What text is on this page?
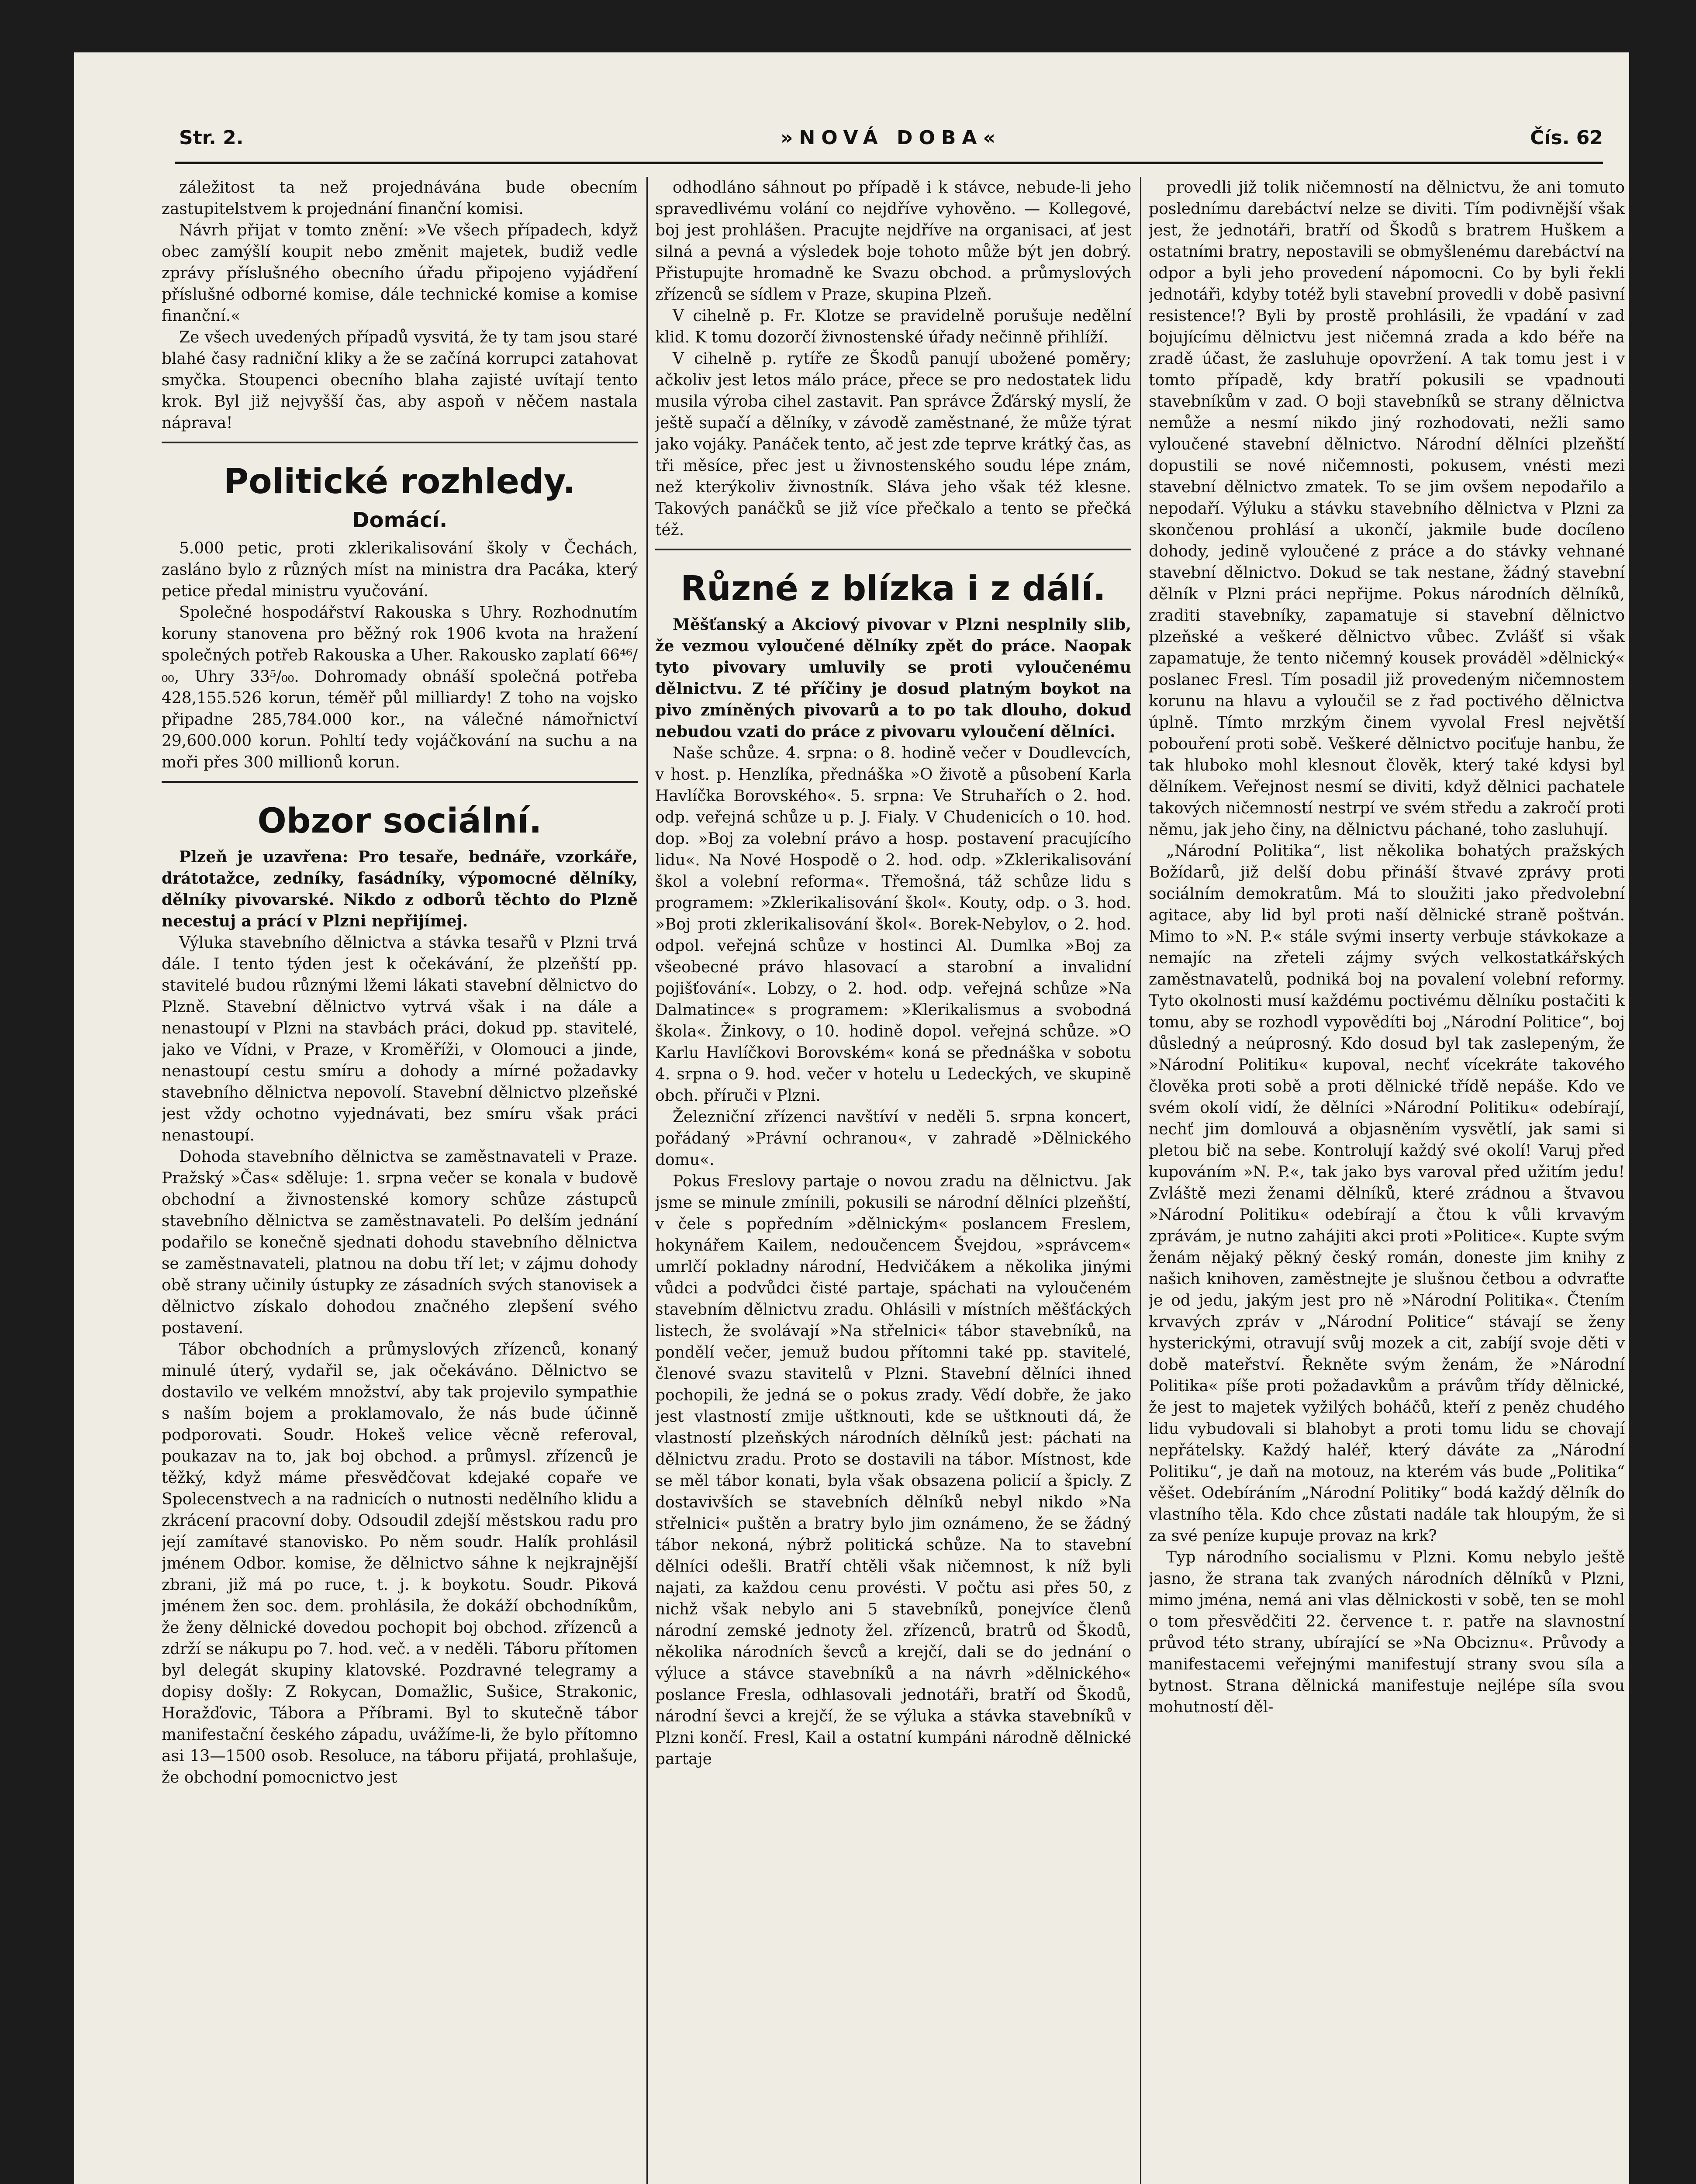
Str. 2.	»NOVÁ DOBA«	Čís. 62

záležitost ta než projednávána bude obecním zastupitelstvem k projednání finanční komisi.

Návrh přijat v tomto znění: »Ve všech případech, když obec zamýšlí koupit nebo změnit majetek, budiž vedle zprávy příslušného obecního úřadu připojeno vyjádření příslušné odborné komise, dále technické komise a komise finanční.«

Ze všech uvedených případů vysvitá, že ty tam jsou staré blahé časy radniční kliky a že se začíná korrupci zatahovat smyčka. Stoupenci obecního blaha zajisté uvítají tento krok. Byl již nejvyšší čas, aby aspoň v něčem nastala náprava!

Politické rozhledy.
Domácí.

5.000 petic, proti zklerikalisování školy v Čechách, zasláno bylo z různých míst na ministra dra Pacáka, který petice předal ministru vyučování.

Společné hospodářství Rakouska s Uhry. Rozhodnutím koruny stanovena pro běžný rok 1906 kvota na hražení společných potřeb Rakouska a Uher. Rakousko zaplatí 66⁴⁶/₀₀, Uhry 33⁵/₀₀. Dohromady obnáší společná potřeba 428,155.526 korun, téměř půl milliardy! Z toho na vojsko připadne 285,784.000 kor., na válečné námořnictví 29,600.000 korun. Pohltí tedy vojáčkování na suchu a na moři přes 300 millionů korun.

Obzor sociální.

Plzeň je uzavřena: Pro tesaře, bednáře, vzorkáře, drátotažce, zedníky, fasádníky, výpomocné dělníky, dělníky pivovarské. Nikdo z odborů těchto do Plzně necestuj a prácí v Plzni nepřijímej.

Výluka stavebního dělnictva a stávka tesařů v Plzni trvá dále. I tento týden jest k očekávání, že plzeňští pp. stavitelé budou různými lžemi lákati stavební dělnictvo do Plzně. Stavební dělnictvo vytrvá však i na dále a nenastoupí v Plzni na stavbách práci, dokud pp. stavitelé, jako ve Vídni, v Praze, v Kroměříži, v Olomouci a jinde, nenastoupí cestu smíru a dohody a mírné požadavky stavebního dělnictva nepovolí. Stavební dělnictvo plzeňské jest vždy ochotno vyjednávati, bez smíru však práci nenastoupí.

Dohoda stavebního dělnictva se zaměstnavateli v Praze. Pražský »Čas« sděluje: 1. srpna večer se konala v budově obchodní a živnostenské komory schůze zástupců stavebního dělnictva se zaměstnavateli. Po delším jednání podařilo se konečně sjednati dohodu stavebního dělnictva se zaměstnavateli, platnou na dobu tří let; v zájmu dohody obě strany učinily ústupky ze zásadních svých stanovisek a dělnictvo získalo dohodou značného zlepšení svého postavení.

Tábor obchodních a průmyslových zřízenců, konaný minulé úterý, vydařil se, jak očekáváno. Dělnictvo se dostavilo ve velkém množství, aby tak projevilo sympathie s naším bojem a proklamovalo, že nás bude účinně podporovati. Soudr. Hokeš velice věcně referoval, poukazav na to, jak boj obchod. a průmysl. zřízenců je těžký, když máme přesvědčovat kdejaké copaře ve Spolecenstvech a na radnicích o nutnosti nedělního klidu a zkrácení pracovní doby. Odsoudil zdejší městskou radu pro její zamítavé stanovisko. Po něm soudr. Halík prohlásil jménem Odbor. komise, že dělnictvo sáhne k nejkrajnější zbrani, již má po ruce, t. j. k boykotu. Soudr. Piková jménem žen soc. dem. prohlásila, že dokáží obchodníkům, že ženy dělnické dovedou pochopit boj obchod. zřízenců a zdrží se nákupu po 7. hod. več. a v neděli. Táboru přítomen byl delegát skupiny klatovské. Pozdravné telegramy a dopisy došly: Z Rokycan, Domažlic, Sušice, Strakonic, Horažďovic, Tábora a Příbrami. Byl to skutečně tábor manifestační českého západu, uvážíme-li, že bylo přítomno asi 13—1500 osob. Resoluce, na táboru přijatá, prohlašuje, že obchodní pomocnictvo jest

odhodláno sáhnout po případě i k stávce, nebude-li jeho spravedlivému volání co nejdříve vyhověno. — Kollegové, boj jest prohlášen. Pracujte nejdříve na organisaci, ať jest silná a pevná a výsledek boje tohoto může být jen dobrý. Přistupujte hromadně ke Svazu obchod. a průmyslových zřízenců se sídlem v Praze, skupina Plzeň.

V cihelně p. Fr. Klotze se pravidelně porušuje nedělní klid. K tomu dozorčí živnostenské úřady nečinně přihlíží.

V cihelně p. rytíře ze Škodů panují ubožené poměry; ačkoliv jest letos málo práce, přece se pro nedostatek lidu musila výroba cihel zastavit. Pan správce Žďárský myslí, že ještě supačí a dělníky, v závodě zaměstnané, že může týrat jako vojáky. Panáček tento, ač jest zde teprve krátký čas, as tři měsíce, přec jest u živnostenského soudu lépe znám, než kterýkoliv živnostník. Sláva jeho však též klesne. Takových panáčků se již více přečkalo a tento se přečká též.

Různé z blízka i z dálí.

Měšťanský a Akciový pivovar v Plzni nesplnily slib, že vezmou vyloučené dělníky zpět do práce. Naopak tyto pivovary umluvily se proti vyloučenému dělnictvu. Z té příčiny je dosud platným boykot na pivo zmíněných pivovarů a to po tak dlouho, dokud nebudou vzati do práce z pivovaru vyloučení dělníci.

Naše schůze. 4. srpna: o 8. hodině večer v Doudlevcích, v host. p. Henzlíka, přednáška »O životě a působení Karla Havlíčka Borovského«. 5. srpna: Ve Struhařích o 2. hod. odp. veřejná schůze u p. J. Fialy. V Chudenicích o 10. hod. dop. »Boj za volební právo a hosp. postavení pracujícího lidu«. Na Nové Hospodě o 2. hod. odp. »Zklerikalisování škol a volební reforma«. Třemošná, táž schůze lidu s programem: »Zklerikalisování škol«. Kouty, odp. o 3. hod. »Boj proti zklerikalisování škol«. Borek-Nebylov, o 2. hod. odpol. veřejná schůze v hostinci Al. Dumlka »Boj za všeobecné právo hlasovací a starobní a invalidní pojišťování«. Lobzy, o 2. hod. odp. veřejná schůze »Na Dalmatince« s programem: »Klerikalismus a svobodná škola«. Žinkovy, o 10. hodině dopol. veřejná schůze. »O Karlu Havlíčkovi Borovském« koná se přednáška v sobotu 4. srpna o 9. hod. večer v hotelu u Ledeckých, ve skupině obch. příruči v Plzni.

Železniční zřízenci navštíví v neděli 5. srpna koncert, pořádaný »Právní ochranou«, v zahradě »Dělnického domu«.

Pokus Freslovy partaje o novou zradu na dělnictvu. Jak jsme se minule zmínili, pokusili se národní dělníci plzeňští, v čele s popředním »dělnickým« poslancem Freslem, hokynářem Kailem, nedoučencem Švejdou, »správcem« umrlčí pokladny národní, Hedvičákem a několika jinými vůdci a podvůdci čisté partaje, spáchati na vyloučeném stavebním dělnictvu zradu. Ohlásili v místních měšťáckých listech, že svolávají »Na střelnici« tábor stavebníků, na pondělí večer, jemuž budou přítomni také pp. stavitelé, členové svazu stavitelů v Plzni. Stavební dělníci ihned pochopili, že jedná se o pokus zrady. Vědí dobře, že jako jest vlastností zmije uštknouti, kde se uštknouti dá, že vlastností plzeňských národních dělníků jest: páchati na dělnictvu zradu. Proto se dostavili na tábor. Místnost, kde se měl tábor konati, byla však obsazena policií a špicly. Z dostavivších se stavebních dělníků nebyl nikdo »Na střelnici« puštěn a bratry bylo jim oznámeno, že se žádný tábor nekoná, nýbrž politická schůze. Na to stavební dělníci odešli. Bratří chtěli však ničemnost, k níž byli najati, za každou cenu provésti. V počtu asi přes 50, z nichž však nebylo ani 5 stavebníků, ponejvíce členů národní zemské jednoty žel. zřízenců, bratrů od Škodů, několika národních ševců a krejčí, dali se do jednání o výluce a stávce stavebníků a na návrh »dělnického« poslance Fresla, odhlasovali jednotáři, bratří od Škodů, národní ševci a krejčí, že se výluka a stávka stavebníků v Plzni končí. Fresl, Kail a ostatní kumpáni národně dělnické partaje

provedli již tolik ničemností na dělnictvu, že ani tomuto poslednímu darebáctví nelze se diviti. Tím podivnější však jest, že jednotáři, bratří od Škodů s bratrem Huškem a ostatními bratry, nepostavili se obmyšlenému darebáctví na odpor a byli jeho provedení nápomocni. Co by byli řekli jednotáři, kdyby totéž byli stavební provedli v době pasivní resistence!? Byli by prostě prohlásili, že vpadání v zad bojujícímu dělnictvu jest ničemná zrada a kdo béře na zradě účast, že zasluhuje opovržení. A tak tomu jest i v tomto případě, kdy bratří pokusili se vpadnouti stavebníkům v zad. O boji stavebníků se strany dělnictva nemůže a nesmí nikdo jiný rozhodovati, nežli samo vyloučené stavební dělnictvo. Národní dělníci plzeňští dopustili se nové ničemnosti, pokusem, vnésti mezi stavební dělnictvo zmatek. To se jim ovšem nepodařilo a nepodaří. Výluku a stávku stavebního dělnictva v Plzni za skončenou prohlásí a ukončí, jakmile bude docíleno dohody, jedině vyloučené z práce a do stávky vehnané stavební dělnictvo. Dokud se tak nestane, žádný stavební dělník v Plzni práci nepřijme. Pokus národních dělníků, zraditi stavebníky, zapamatuje si stavební dělnictvo plzeňské a veškeré dělnictvo vůbec. Zvlášť si však zapamatuje, že tento ničemný kousek prováděl »dělnický« poslanec Fresl. Tím posadil již provedeným ničemnostem korunu na hlavu a vyloučil se z řad poctivého dělnictva úplně. Tímto mrzkým činem vyvolal Fresl největší pobouření proti sobě. Veškeré dělnictvo pociťuje hanbu, že tak hluboko mohl klesnout člověk, který také kdysi byl dělníkem. Veřejnost nesmí se diviti, když dělnici pachatele takových ničemností nestrpí ve svém středu a zakročí proti němu, jak jeho činy, na dělnictvu páchané, toho zasluhují.

„Národní Politika“, list několika bohatých pražských Božídarů, již delší dobu přináší štvavé zprávy proti sociálním demokratům. Má to sloužiti jako předvolební agitace, aby lid byl proti naší dělnické straně poštván. Mimo to »N. P.« stále svými inserty verbuje stávkokaze a nemajíc na zřeteli zájmy svých velkostatkářských zaměstnavatelů, podniká boj na povalení volební reformy. Tyto okolnosti musí každému poctivému dělníku postačiti k tomu, aby se rozhodl vypovědíti boj „Národní Politice“, boj důsledný a neúprosný. Kdo dosud byl tak zaslepeným, že »Národní Politiku« kupoval, nechť vícekráte takového člověka proti sobě a proti dělnické třídě nepáše. Kdo ve svém okolí vidí, že dělníci »Národní Politiku« odebírají, nechť jim domlouvá a objasněním vysvětlí, jak sami si pletou bič na sebe. Kontrolují každý své okolí! Varuj před kupováním »N. P.«, tak jako bys varoval před užitím jedu! Zvláště mezi ženami dělníků, které zrádnou a štvavou »Národní Politiku« odebírají a čtou k vůli krvavým zprávám, je nutno zahájiti akci proti »Politice«. Kupte svým ženám nějaký pěkný český román, doneste jim knihy z našich knihoven, zaměstnejte je slušnou četbou a odvraťte je od jedu, jakým jest pro ně »Národní Politika«. Čtením krvavých zpráv v „Národní Politice“ stávají se ženy hysterickými, otravují svůj mozek a cit, zabíjí svoje děti v době mateřství. Řekněte svým ženám, že »Národní Politika« píše proti požadavkům a právům třídy dělnické, že jest to majetek vyžilých boháčů, kteří z peněz chudého lidu vybudovali si blahobyt a proti tomu lidu se chovají nepřátelsky. Každý haléř, který dáváte za „Národní Politiku“, je daň na motouz, na kterém vás bude „Politika“ věšet. Odebíráním „Národní Politiky“ bodá každý dělník do vlastního těla. Kdo chce zůstati nadále tak hloupým, že si za své peníze kupuje provaz na krk?

Typ národního socialismu v Plzni. Komu nebylo ještě jasno, že strana tak zvaných národních dělníků v Plzni, mimo jména, nemá ani vlas dělnickosti v sobě, ten se mohl o tom přesvědčiti 22. července t. r. patře na slavnostní průvod této strany, ubírající se »Na Obciznu«. Průvody a manifestacemi veřejnými manifestují strany svou síla a bytnost. Strana dělnická manifestuje nejlépe síla svou mohutností děl-
